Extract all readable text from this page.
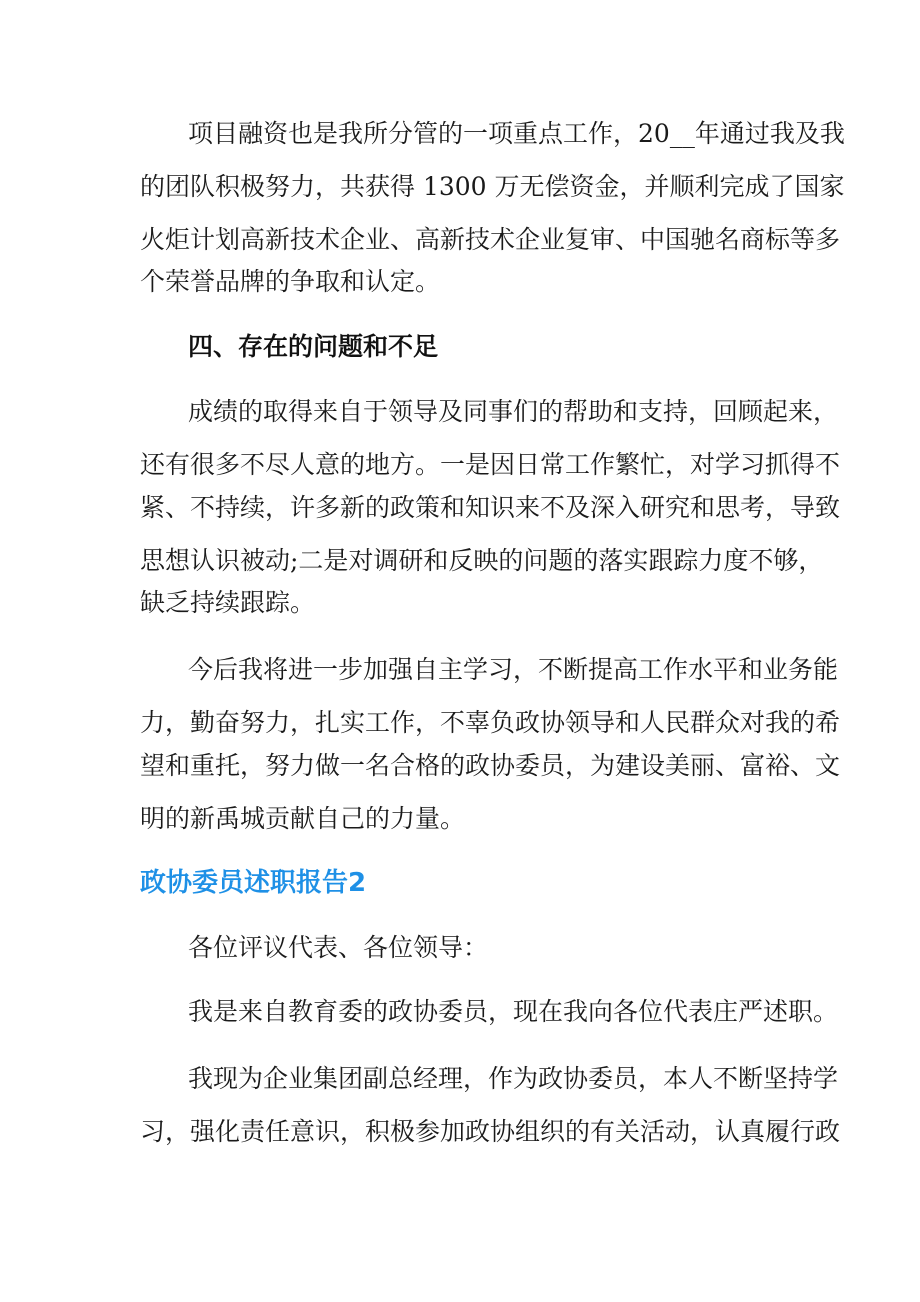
项目融资也是我所分管的一项重点工作，20__年通过我及我
的团队积极努力，共获得 1300 万无偿资金，并顺利完成了国家
火炬计划高新技术企业、高新技术企业复审、中国驰名商标等多
个荣誉品牌的争取和认定。
四、存在的问题和不足
成绩的取得来自于领导及同事们的帮助和支持，回顾起来，
还有很多不尽人意的地方。一是因日常工作繁忙，对学习抓得不
紧、不持续，许多新的政策和知识来不及深入研究和思考，导致
思想认识被动;二是对调研和反映的问题的落实跟踪力度不够，
缺乏持续跟踪。
今后我将进一步加强自主学习，不断提高工作水平和业务能
力，勤奋努力，扎实工作，不辜负政协领导和人民群众对我的希
望和重托，努力做一名合格的政协委员，为建设美丽、富裕、文
明的新禹城贡献自己的力量。
政协委员述职报告2
各位评议代表、各位领导：
我是来自教育委的政协委员，现在我向各位代表庄严述职。
我现为企业集团副总经理，作为政协委员，本人不断坚持学
习，强化责任意识，积极参加政协组织的有关活动，认真履行政
